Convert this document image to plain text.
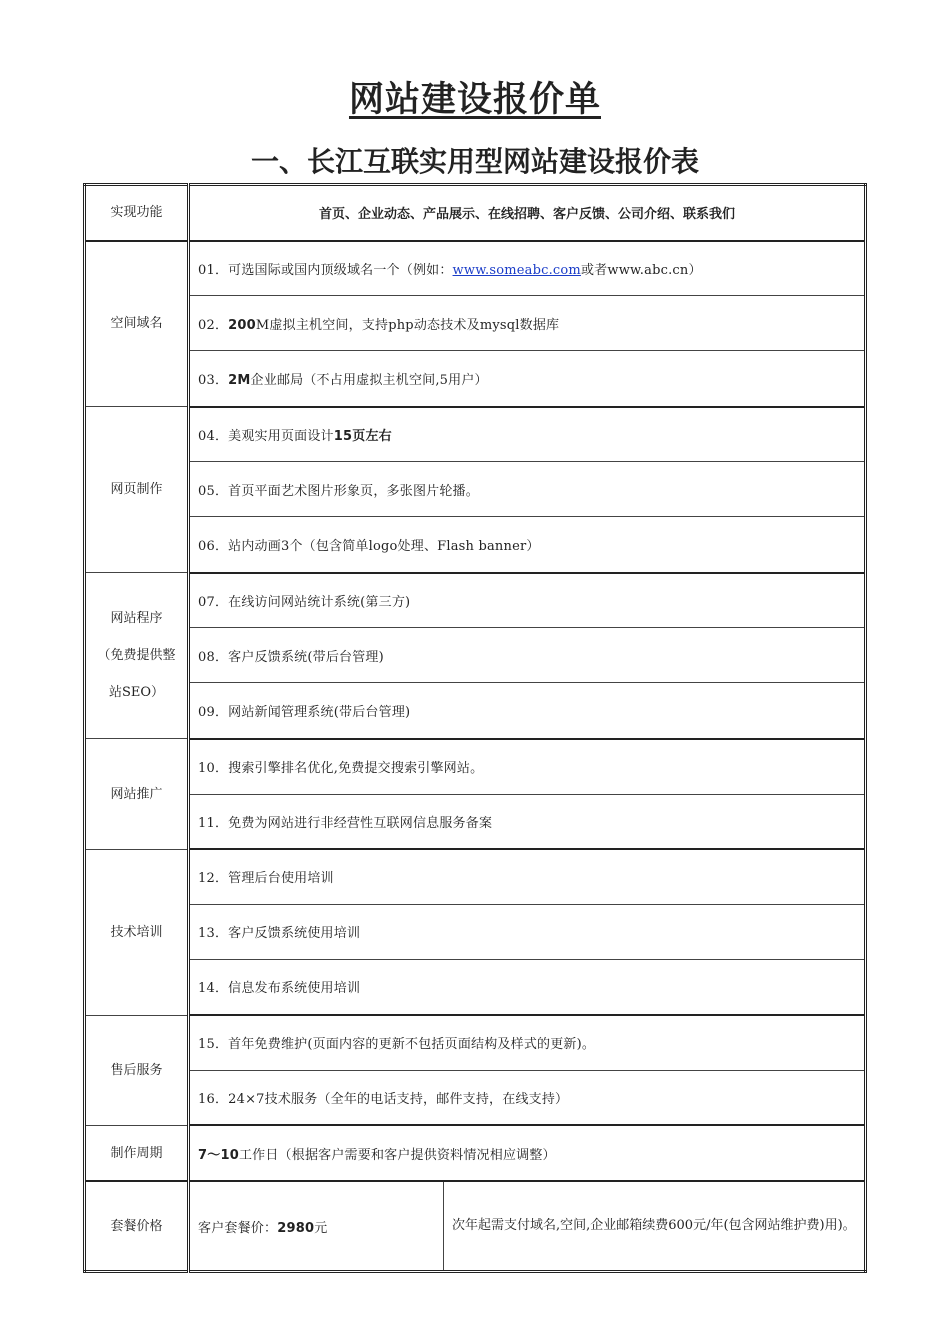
网站建设报价单
一、长江互联实用型网站建设报价表
实现功能	首页、企业动态、产品展示、在线招聘、客户反馈、公司介绍、联系我们	
空间域名	01．可选国际或国内顶级域名一个（例如：www.someabc.com或者www.abc.cn）	
	02．200M虚拟主机空间，支持php动态技术及mysql数据库	
	03．2M企业邮局（不占用虚拟主机空间,5用户）	
网页制作	04．美观实用页面设计15页左右	
	05．首页平面艺术图片形象页，多张图片轮播。	
	06．站内动画3个（包含简单logo处理、Flash banner）	

网站程序
（免费提供整
站SEO）	07．在线访问网站统计系统(第三方)	
	08．客户反馈系统(带后台管理)	
	09．网站新闻管理系统(带后台管理)	
网站推广	10．搜索引擎排名优化,免费提交搜索引擎网站。	
	11．免费为网站进行非经营性互联网信息服务备案	
技术培训	12．管理后台使用培训	
	13．客户反馈系统使用培训	
	14．信息发布系统使用培训	
售后服务	15．首年免费维护(页面内容的更新不包括页面结构及样式的更新)。	
	16．24×7技术服务（全年的电话支持，邮件支持，在线支持）	
制作周期	7～10工作日（根据客户需要和客户提供资料情况相应调整）	
套餐价格	客户套餐价：2980元	次年起需支付域名,空间,企业邮箱续费600元/年(包含网站维护费)用)。
